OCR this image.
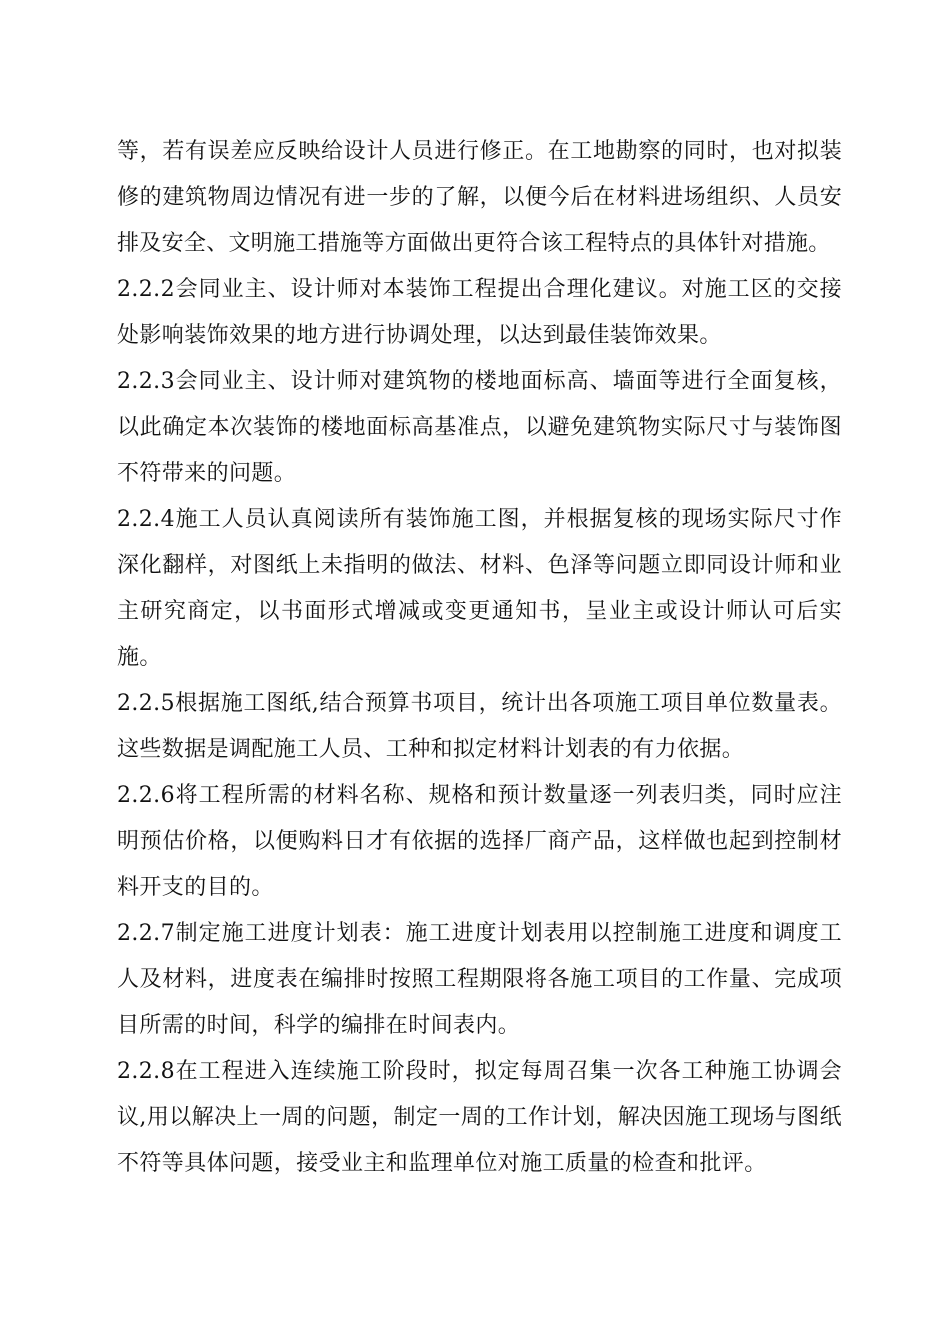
等，若有误差应反映给设计人员进行修正。在工地勘察的同时，也对拟装修的建筑物周边情况有进一步的了解，以便今后在材料进场组织、人员安排及安全、文明施工措施等方面做出更符合该工程特点的具体针对措施。

2.2.2会同业主、设计师对本装饰工程提出合理化建议。对施工区的交接处影响装饰效果的地方进行协调处理，以达到最佳装饰效果。

2.2.3会同业主、设计师对建筑物的楼地面标高、墙面等进行全面复核，以此确定本次装饰的楼地面标高基准点，以避免建筑物实际尺寸与装饰图不符带来的问题。

2.2.4施工人员认真阅读所有装饰施工图，并根据复核的现场实际尺寸作深化翻样，对图纸上未指明的做法、材料、色泽等问题立即同设计师和业主研究商定，以书面形式增减或变更通知书，呈业主或设计师认可后实施。

2.2.5根据施工图纸,结合预算书项目，统计出各项施工项目单位数量表。这些数据是调配施工人员、工种和拟定材料计划表的有力依据。

2.2.6将工程所需的材料名称、规格和预计数量逐一列表归类，同时应注明预估价格，以便购料日才有依据的选择厂商产品，这样做也起到控制材料开支的目的。

2.2.7制定施工进度计划表：施工进度计划表用以控制施工进度和调度工人及材料，进度表在编排时按照工程期限将各施工项目的工作量、完成项目所需的时间，科学的编排在时间表内。

2.2.8在工程进入连续施工阶段时，拟定每周召集一次各工种施工协调会议,用以解决上一周的问题，制定一周的工作计划，解决因施工现场与图纸不符等具体问题，接受业主和监理单位对施工质量的检查和批评。
